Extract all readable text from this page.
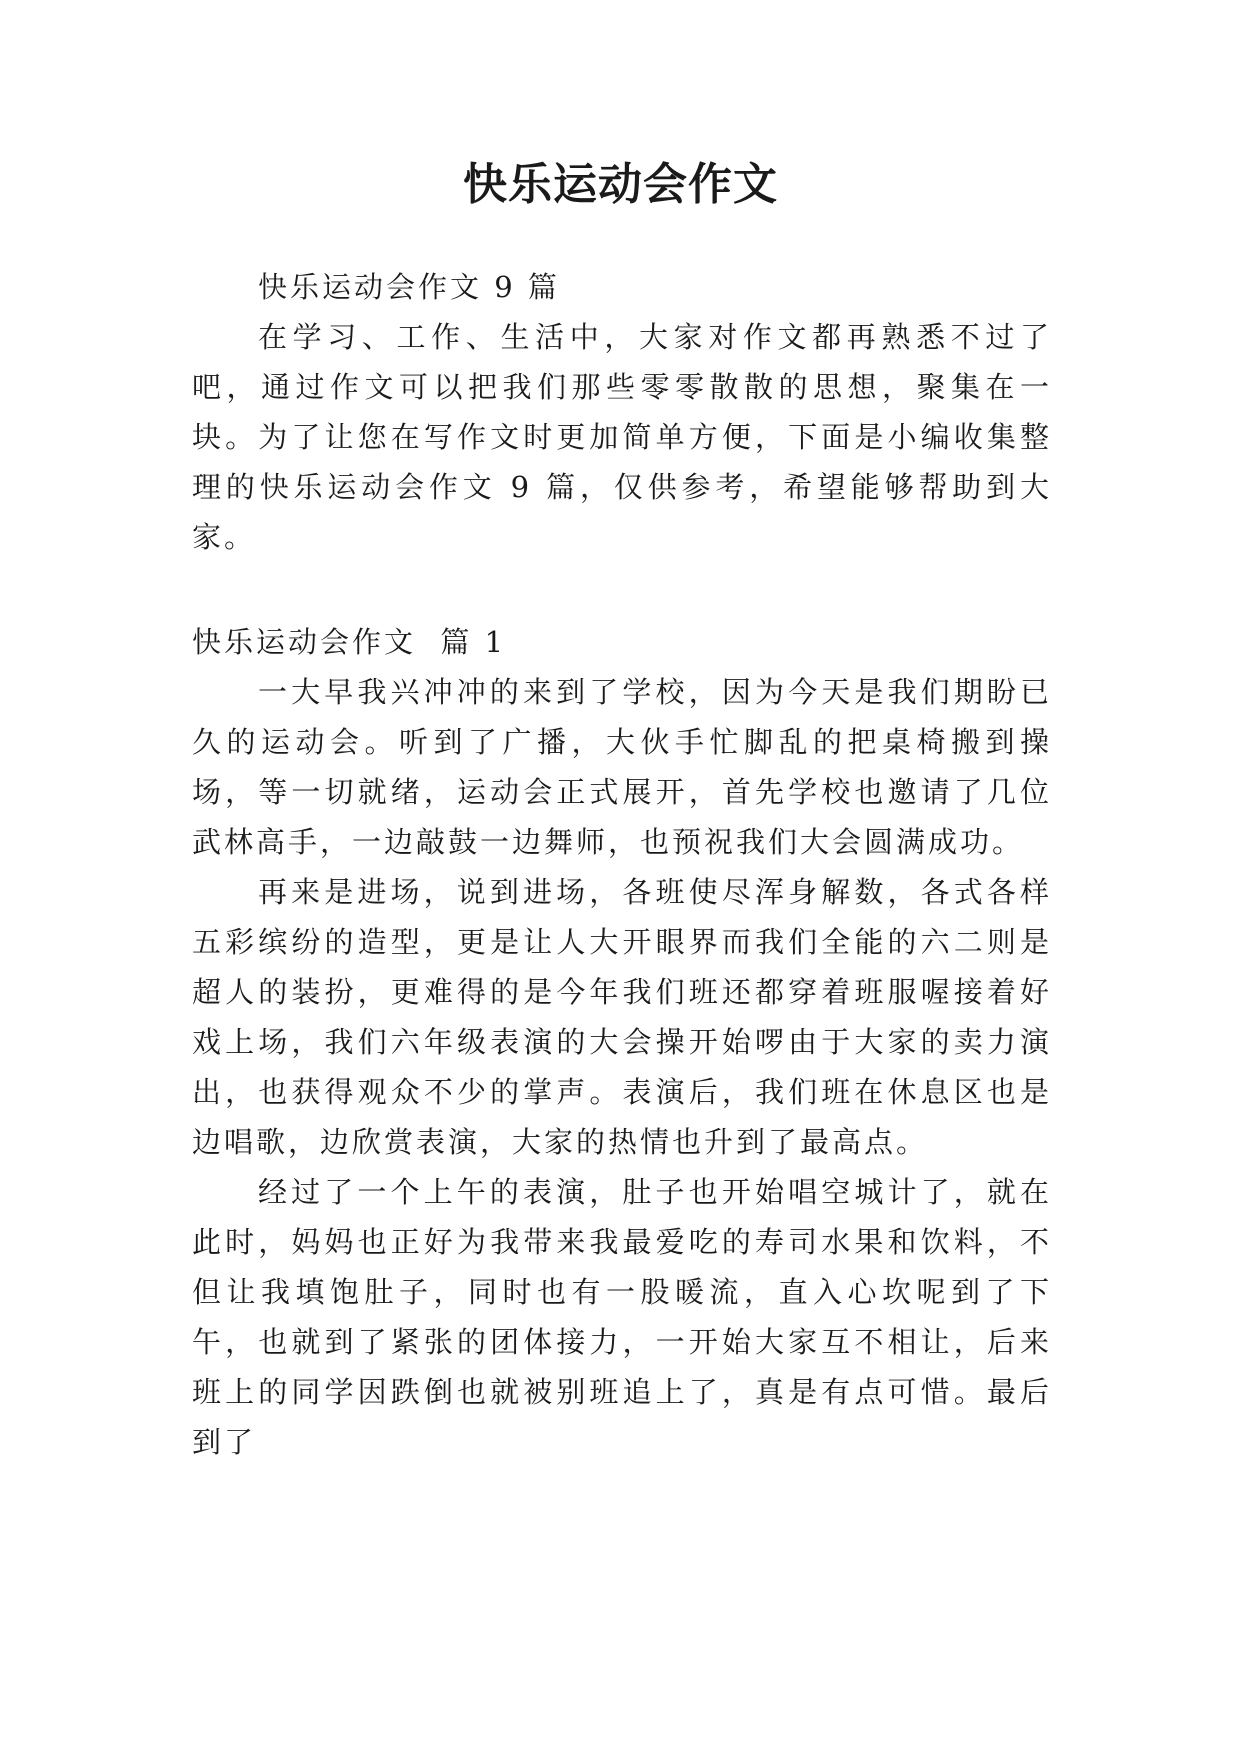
快乐运动会作文

快乐运动会作文 9 篇

在学习、工作、生活中，大家对作文都再熟悉不过了吧，通过作文可以把我们那些零零散散的思想，聚集在一块。为了让您在写作文时更加简单方便，下面是小编收集整理的快乐运动会作文 9 篇，仅供参考，希望能够帮助到大家。

快乐运动会作文  篇 1

一大早我兴冲冲的来到了学校，因为今天是我们期盼已久的运动会。听到了广播，大伙手忙脚乱的把桌椅搬到操场，等一切就绪，运动会正式展开，首先学校也邀请了几位武林高手，一边敲鼓一边舞师，也预祝我们大会圆满成功。

再来是进场，说到进场，各班使尽浑身解数，各式各样五彩缤纷的造型，更是让人大开眼界而我们全能的六二则是超人的装扮，更难得的是今年我们班还都穿着班服喔接着好戏上场，我们六年级表演的大会操开始啰由于大家的卖力演出，也获得观众不少的掌声。表演后，我们班在休息区也是边唱歌，边欣赏表演，大家的热情也升到了最高点。

经过了一个上午的表演，肚子也开始唱空城计了，就在此时，妈妈也正好为我带来我最爱吃的寿司水果和饮料，不但让我填饱肚子，同时也有一股暖流，直入心坎呢到了下午，也就到了紧张的团体接力，一开始大家互不相让，后来班上的同学因跌倒也就被别班追上了，真是有点可惜。最后到了
